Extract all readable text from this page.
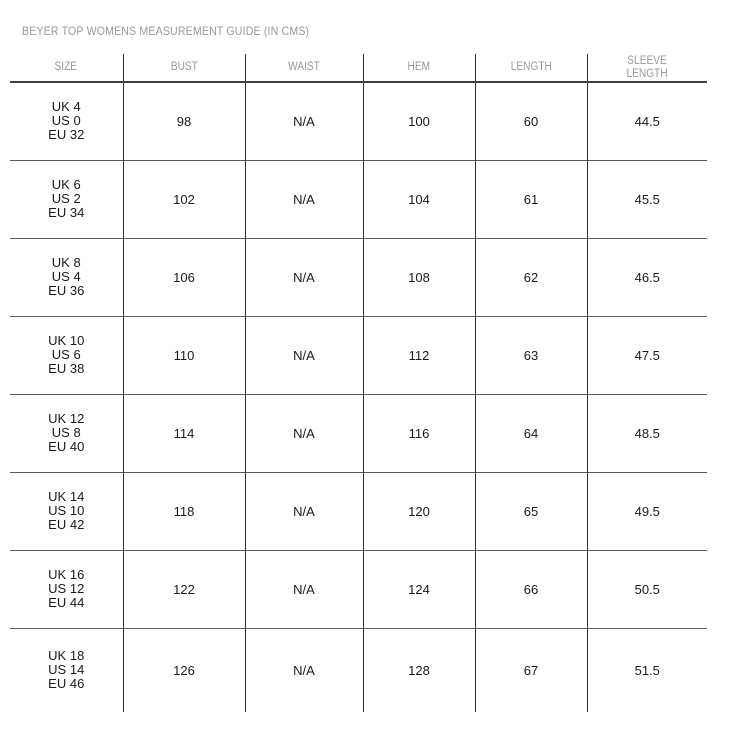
BEYER TOP WOMENS MEASUREMENT GUIDE (IN CMS)
SIZE	BUST	WAIST	HEM	LENGTH	SLEEVE LENGTH

UK 4
US 0
EU 32	98	N/A	100	60	44.5

UK 6
US 2
EU 34	102	N/A	104	61	45.5

UK 8
US 4
EU 36	106	N/A	108	62	46.5

UK 10
US 6
EU 38	110	N/A	112	63	47.5

UK 12
US 8
EU 40	114	N/A	116	64	48.5

UK 14
US 10
EU 42	118	N/A	120	65	49.5

UK 16
US 12
EU 44	122	N/A	124	66	50.5

UK 18
US 14
EU 46	126	N/A	128	67	51.5
